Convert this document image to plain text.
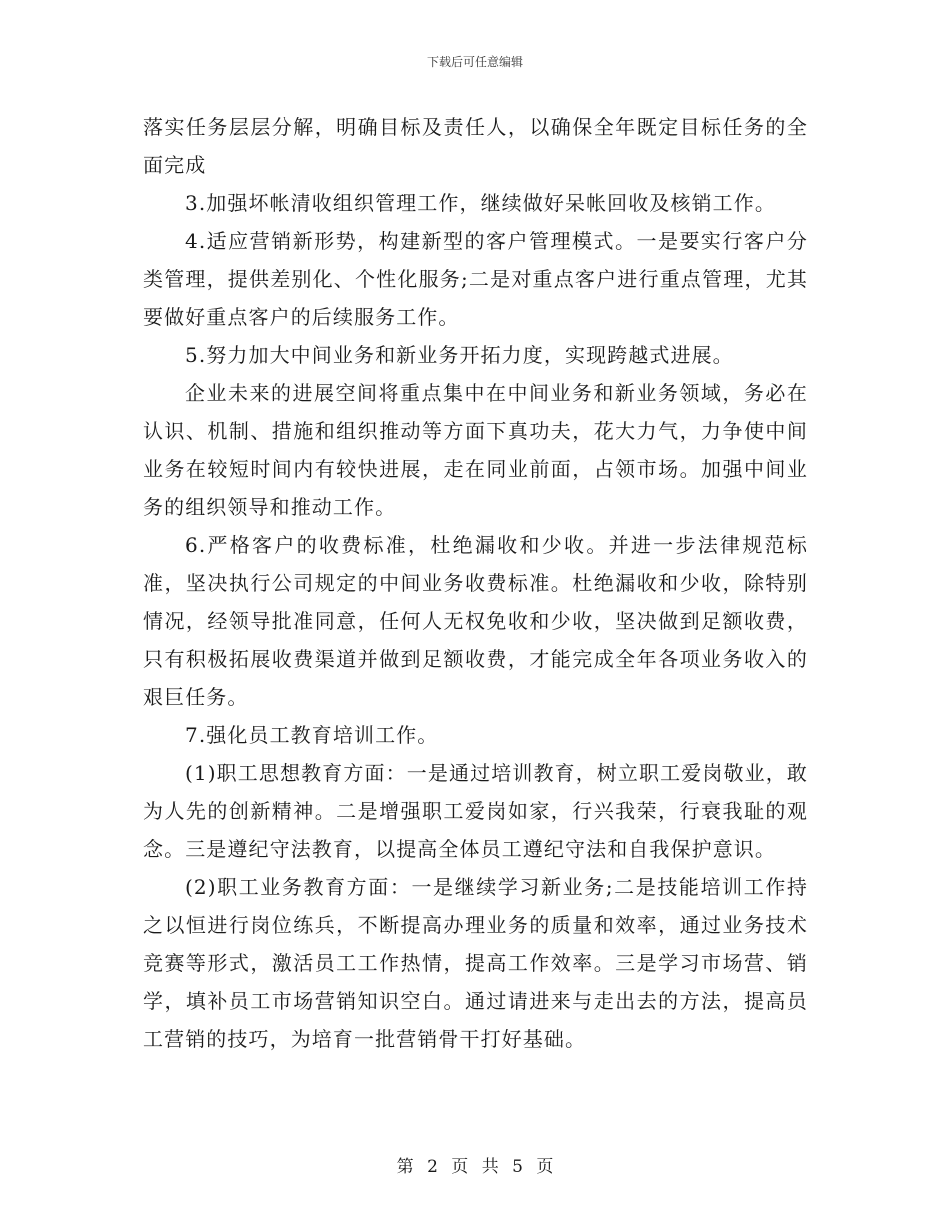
下载后可任意编辑

落实任务层层分解，明确目标及责任人，以确保全年既定目标任务的全面完成

3.加强坏帐清收组织管理工作，继续做好呆帐回收及核销工作。

4.适应营销新形势，构建新型的客户管理模式。一是要实行客户分类管理，提供差别化、个性化服务;二是对重点客户进行重点管理，尤其要做好重点客户的后续服务工作。

5.努力加大中间业务和新业务开拓力度，实现跨越式进展。

企业未来的进展空间将重点集中在中间业务和新业务领域，务必在认识、机制、措施和组织推动等方面下真功夫，花大力气，力争使中间业务在较短时间内有较快进展，走在同业前面，占领市场。加强中间业务的组织领导和推动工作。

6.严格客户的收费标准，杜绝漏收和少收。并进一步法律规范标准，坚决执行公司规定的中间业务收费标准。杜绝漏收和少收，除特别情况，经领导批准同意，任何人无权免收和少收，坚决做到足额收费，只有积极拓展收费渠道并做到足额收费，才能完成全年各项业务收入的艰巨任务。

7.强化员工教育培训工作。

(1)职工思想教育方面：一是通过培训教育，树立职工爱岗敬业，敢为人先的创新精神。二是增强职工爱岗如家，行兴我荣，行衰我耻的观念。三是遵纪守法教育，以提高全体员工遵纪守法和自我保护意识。

(2)职工业务教育方面：一是继续学习新业务;二是技能培训工作持之以恒进行岗位练兵，不断提高办理业务的质量和效率，通过业务技术竞赛等形式，激活员工工作热情，提高工作效率。三是学习市场营、销学，填补员工市场营销知识空白。通过请进来与走出去的方法，提高员工营销的技巧，为培育一批营销骨干打好基础。

第 2 页 共 5 页
